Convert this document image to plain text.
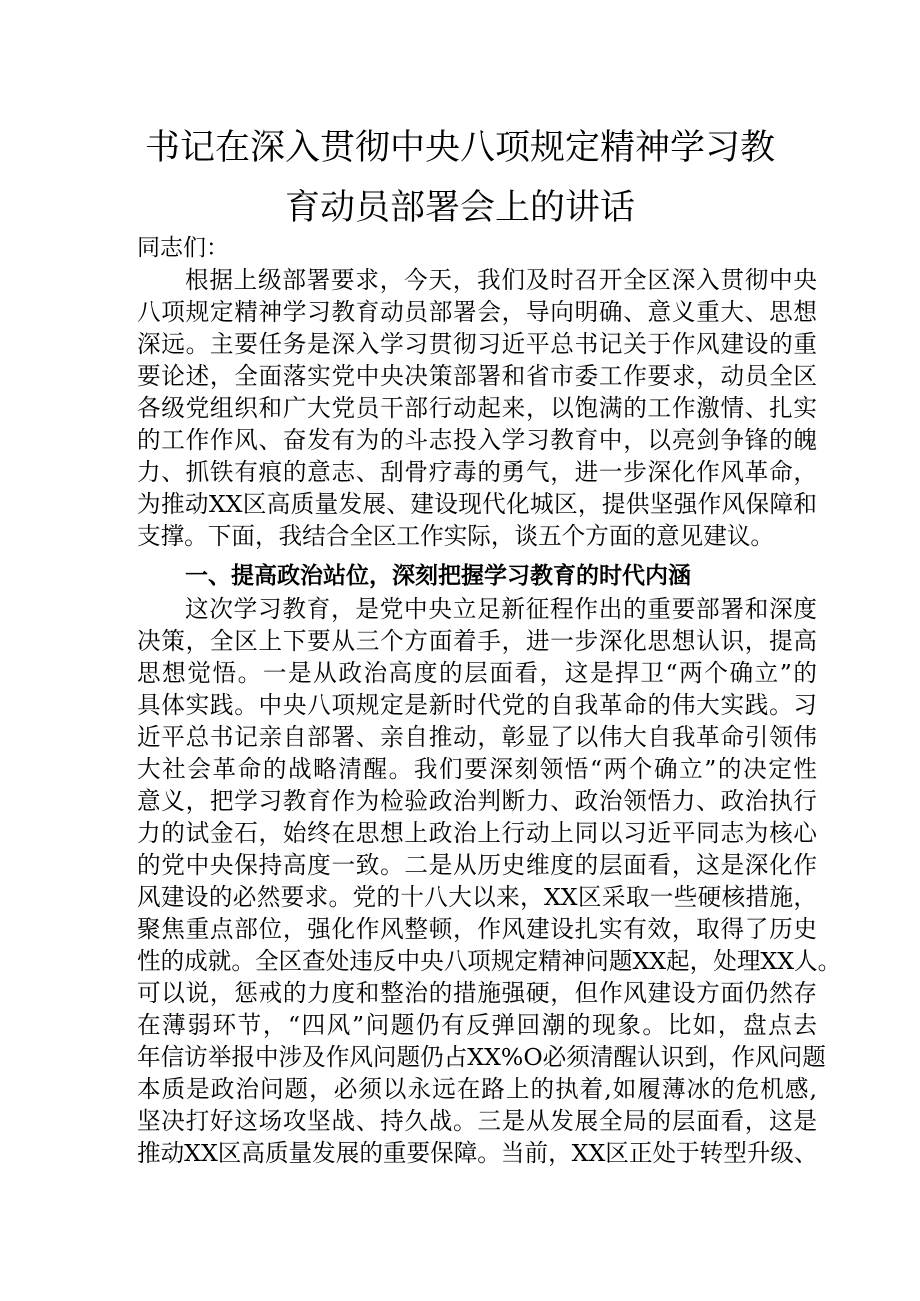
书记在深入贯彻中央八项规定精神学习教
育动员部署会上的讲话
同志们：
根据上级部署要求，今天，我们及时召开全区深入贯彻中央
八项规定精神学习教育动员部署会，导向明确、意义重大、思想
深远。主要任务是深入学习贯彻习近平总书记关于作风建设的重
要论述，全面落实党中央决策部署和省市委工作要求，动员全区
各级党组织和广大党员干部行动起来，以饱满的工作激情、扎实
的工作作风、奋发有为的斗志投入学习教育中，以亮剑争锋的魄
力、抓铁有痕的意志、刮骨疗毒的勇气，进一步深化作风革命，
为推动XX区高质量发展、建设现代化城区，提供坚强作风保障和
支撑。下面，我结合全区工作实际，谈五个方面的意见建议。
一、提高政治站位，深刻把握学习教育的时代内涵
这次学习教育，是党中央立足新征程作出的重要部署和深度
决策，全区上下要从三个方面着手，进一步深化思想认识，提高
思想觉悟。一是从政治高度的层面看，这是捍卫“两个确立”的
具体实践。中央八项规定是新时代党的自我革命的伟大实践。习
近平总书记亲自部署、亲自推动，彰显了以伟大自我革命引领伟
大社会革命的战略清醒。我们要深刻领悟“两个确立”的决定性
意义，把学习教育作为检验政治判断力、政治领悟力、政治执行
力的试金石，始终在思想上政治上行动上同以习近平同志为核心
的党中央保持高度一致。二是从历史维度的层面看，这是深化作
风建设的必然要求。党的十八大以来，XX区采取一些硬核措施，
聚焦重点部位，强化作风整顿，作风建设扎实有效，取得了历史
性的成就。全区查处违反中央八项规定精神问题XX起，处理XX人。
可以说，惩戒的力度和整治的措施强硬，但作风建设方面仍然存
在薄弱环节，“四风”问题仍有反弹回潮的现象。比如，盘点去
年信访举报中涉及作风问题仍占XX%O必须清醒认识到，作风问题
本质是政治问题，必须以永远在路上的执着,如履薄冰的危机感,
坚决打好这场攻坚战、持久战。三是从发展全局的层面看，这是
推动XX区高质量发展的重要保障。当前，XX区正处于转型升级、
